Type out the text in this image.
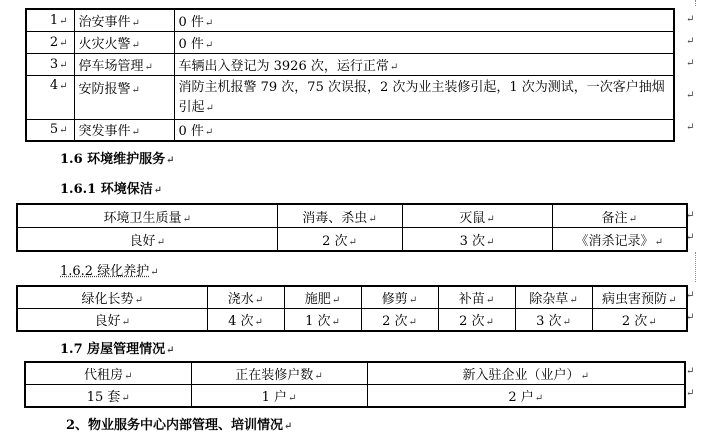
1↵	治安事件↵	0 件↵
2↵	火灾火警↵	0 件↵
3↵	停车场管理↵	车辆出入登记为 3926 次，运行正常↵
4↵	安防报警↵	消防主机报警 79 次，75 次误报，2 次为业主装修引起，1 次为测试，一次客户抽烟引起↵
5↵	突发事件↵	0 件↵
1.6 环境维护服务↵
1.6.1 环境保洁↵
环境卫生质量↵	消毒、杀虫↵	灭鼠↵	备注↵
良好↵	2 次↵	3 次↵	《消杀记录》↵
1.6.2 绿化养护↵
绿化长势↵	浇水↵	施肥↵	修剪↵	补苗↵	除杂草↵	病虫害预防↵
良好↵	4 次↵	1 次↵	2 次↵	2 次↵	3 次↵	2 次↵
1.7 房屋管理情况↵
代租房↵	正在装修户数↵	新入驻企业（业户）↵
15 套↵	1 户↵	2 户↵
2、物业服务中心内部管理、培训情况↵
↵
↵
↵
↵
↵
↵
↵
↵
↵
↵
↵
